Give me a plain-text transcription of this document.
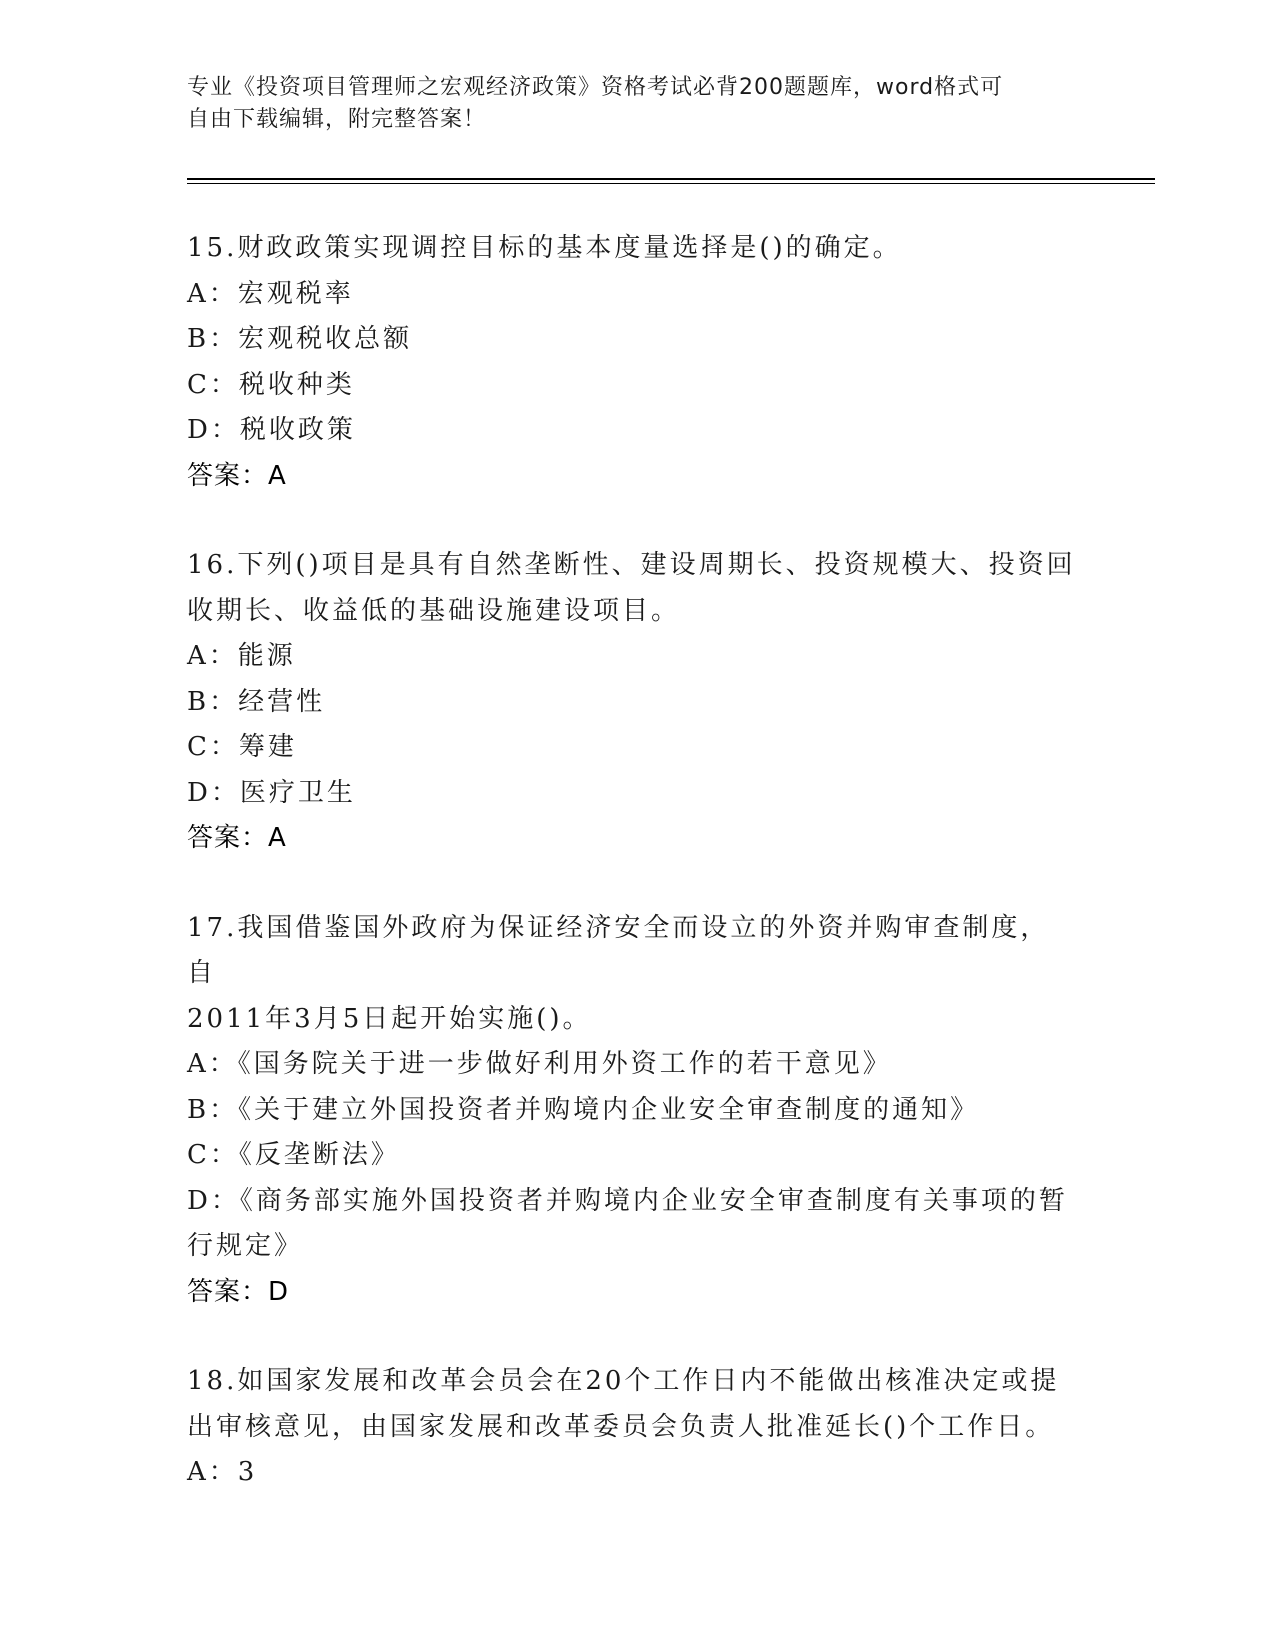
专业《投资项目管理师之宏观经济政策》资格考试必背200题题库，word格式可
自由下载编辑，附完整答案！
15.财政政策实现调控目标的基本度量选择是()的确定。
A：宏观税率
B：宏观税收总额
C：税收种类
D：税收政策
答案：A
16.下列()项目是具有自然垄断性、建设周期长、投资规模大、投资回
收期长、收益低的基础设施建设项目。
A：能源
B：经营性
C：筹建
D：医疗卫生
答案：A
17.我国借鉴国外政府为保证经济安全而设立的外资并购审查制度，自
2011年3月5日起开始实施()。
A：《国务院关于进一步做好利用外资工作的若干意见》
B：《关于建立外国投资者并购境内企业安全审查制度的通知》
C：《反垄断法》
D：《商务部实施外国投资者并购境内企业安全审查制度有关事项的暂
行规定》
答案：D
18.如国家发展和改革会员会在20个工作日内不能做出核准决定或提
出审核意见，由国家发展和改革委员会负责人批准延长()个工作日。
A：3
